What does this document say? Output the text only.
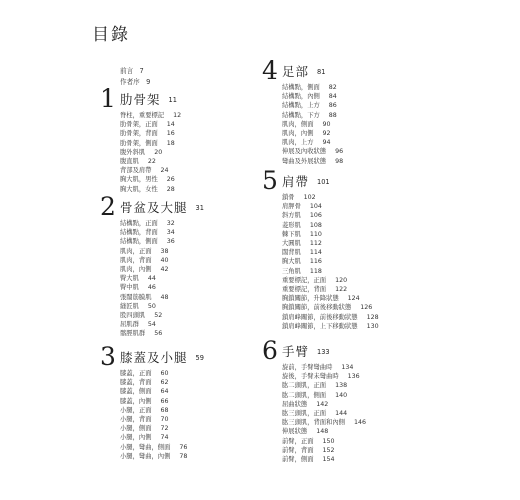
目錄
前言 7
作者序 9
1 肋骨架 11
脊柱，重要標記 12
肋骨架，正面 14
肋骨架，背面 16
肋骨架，側面 18
腹外斜肌 20
腹直肌 22
背部及肩帶 24
胸大肌，男性 26
胸大肌，女性 28
2 骨盆及大腿 31
結構點，正面 32
結構點，背面 34
結構點，側面 36
肌肉，正面 38
肌肉，背面 40
肌肉，內側 42
臀大肌 44
臀中肌 46
張闊筋膜肌 48
縫匠肌 50
股四頭肌 52
屈肌群 54
髂脛肌群 56
3 膝蓋及小腿 59
膝蓋，正面 60
膝蓋，背面 62
膝蓋，側面 64
膝蓋，內側 66
小腿，正面 68
小腿，背面 70
小腿，側面 72
小腿，內側 74
小腿，彎曲，側面 76
小腿，彎曲，內側 78
4 足部 81
結構點，側面 82
結構點，內側 84
結構點，上方 86
結構點，下方 88
肌肉，側面 90
肌肉，內側 92
肌肉，上方 94
伸展及內收狀態 96
彎曲及外展狀態 98
5 肩帶 101
鎖骨 102
肩胛骨 104
斜方肌 106
菱形肌 108
棘下肌 110
大圓肌 112
闊背肌 114
胸大肌 116
三角肌 118
重要標記，正面 120
重要標記，背面 122
胸鎖關節，升降狀態 124
胸鎖關節，前後移動狀態 126
鎖肩峰關節，前後移動狀態 128
鎖肩峰關節，上下移動狀態 130
6 手臂 133
旋前，手臂彎曲時 134
旋後，手臂未彎曲時 136
肱二頭肌，正面 138
肱二頭肌，側面 140
屈曲狀態 142
肱三頭肌，正面 144
肱三頭肌，背面和內側 146
伸展狀態 148
前臂，正面 150
前臂，背面 152
前臂，側面 154
